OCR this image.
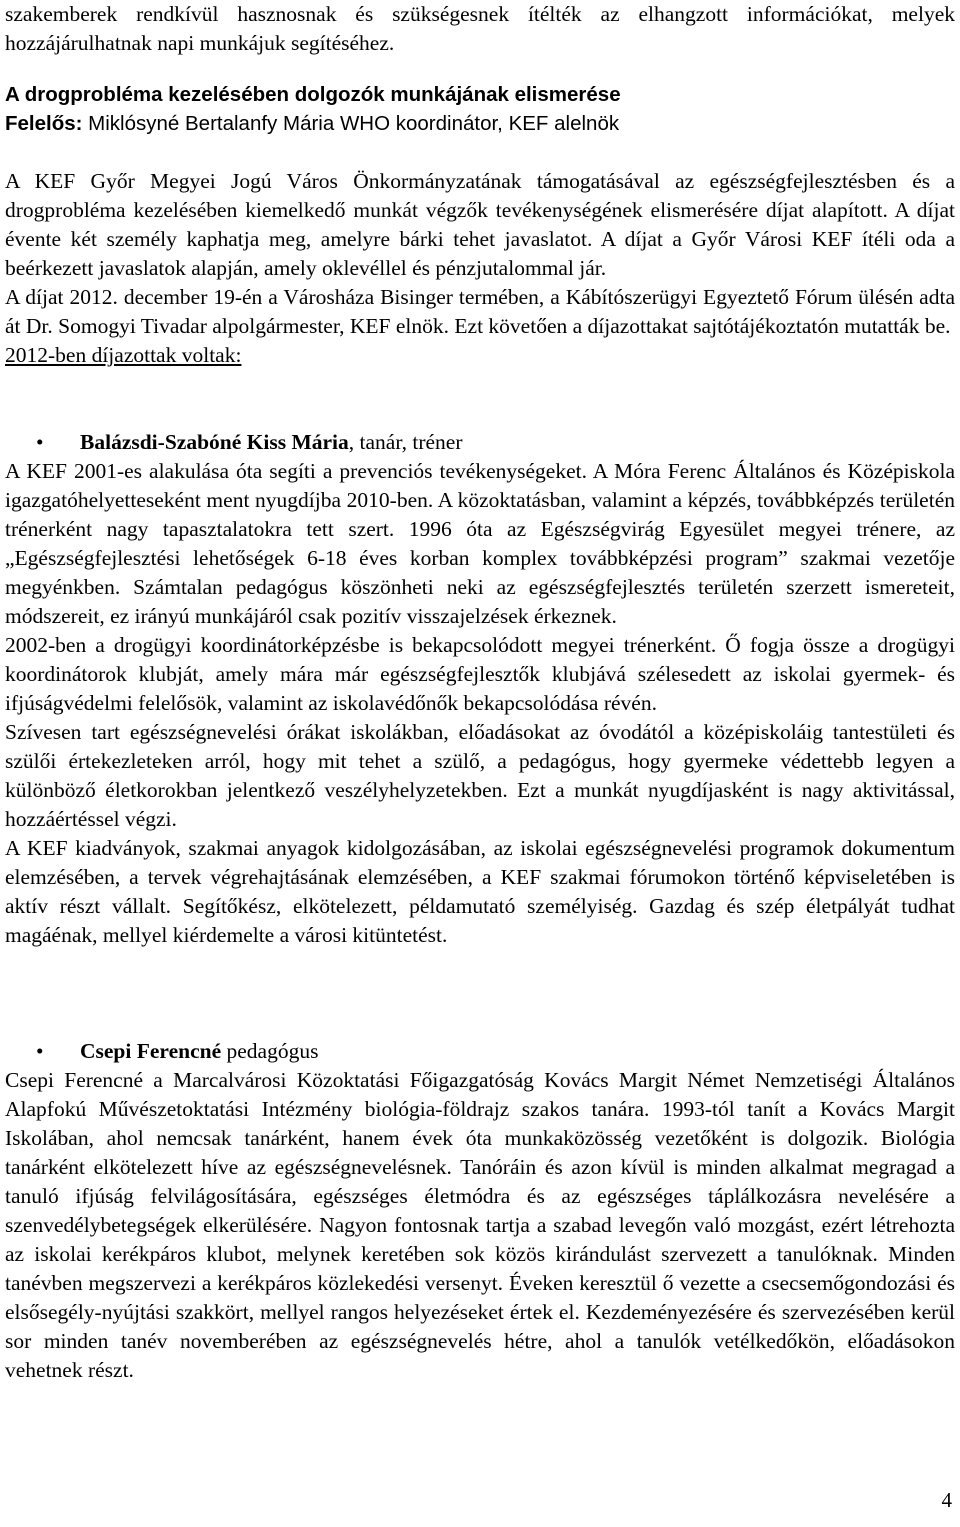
szakemberek rendkívül hasznosnak és szükségesnek ítélték az elhangzott információkat, melyek hozzájárulhatnak napi munkájuk segítéséhez.

A drogprobléma kezelésében dolgozók munkájának elismerése

Felelős: Miklósyné Bertalanfy Mária WHO koordinátor, KEF alelnök

A KEF Győr Megyei Jogú Város Önkormányzatának támogatásával az egészségfejlesztésben és a drogprobléma kezelésében kiemelkedő munkát végzők tevékenységének elismerésére díjat alapított. A díjat évente két személy kaphatja meg, amelyre bárki tehet javaslatot. A díjat a Győr Városi KEF ítéli oda a beérkezett javaslatok alapján, amely oklevéllel és pénzjutalommal jár.

A díjat 2012. december 19-én a Városháza Bisinger termében, a Kábítószerügyi Egyeztető Fórum ülésén adta át Dr. Somogyi Tivadar alpolgármester, KEF elnök. Ezt követően a díjazottakat sajtótájékoztatón mutatták be.

2012-ben díjazottak voltak:

• Balázsdi-Szabóné Kiss Mária, tanár, tréner

A KEF 2001-es alakulása óta segíti a prevenciós tevékenységeket. A Móra Ferenc Általános és Középiskola igazgatóhelyetteseként ment nyugdíjba 2010-ben. A közoktatásban, valamint a képzés, továbbképzés területén trénerként nagy tapasztalatokra tett szert. 1996 óta az Egészségvirág Egyesület megyei trénere, az „Egészségfejlesztési lehetőségek 6-18 éves korban komplex továbbképzési program” szakmai vezetője megyénkben. Számtalan pedagógus köszönheti neki az egészségfejlesztés területén szerzett ismereteit, módszereit, ez irányú munkájáról csak pozitív visszajelzések érkeznek.

2002-ben a drogügyi koordinátorképzésbe is bekapcsolódott megyei trénerként. Ő fogja össze a drogügyi koordinátorok klubját, amely mára már egészségfejlesztők klubjává szélesedett az iskolai gyermek- és ifjúságvédelmi felelősök, valamint az iskolavédőnők bekapcsolódása révén.

Szívesen tart egészségnevelési órákat iskolákban, előadásokat az óvodától a középiskoláig tantestületi és szülői értekezleteken arról, hogy mit tehet a szülő, a pedagógus, hogy gyermeke védettebb legyen a különböző életkorokban jelentkező veszélyhelyzetekben. Ezt a munkát nyugdíjasként is nagy aktivitással, hozzáértéssel végzi.

A KEF kiadványok, szakmai anyagok kidolgozásában, az iskolai egészségnevelési programok dokumentum elemzésében, a tervek végrehajtásának elemzésében, a KEF szakmai fórumokon történő képviseletében is aktív részt vállalt. Segítőkész, elkötelezett, példamutató személyiség. Gazdag és szép életpályát tudhat magáénak, mellyel kiérdemelte a városi kitüntetést.

• Csepi Ferencné pedagógus

Csepi Ferencné a Marcalvárosi Közoktatási Főigazgatóság Kovács Margit Német Nemzetiségi Általános Alapfokú Művészetoktatási Intézmény biológia-földrajz szakos tanára. 1993-tól tanít a Kovács Margit Iskolában, ahol nemcsak tanárként, hanem évek óta munkaközösség vezetőként is dolgozik. Biológia tanárként elkötelezett híve az egészségnevelésnek. Tanóráin és azon kívül is minden alkalmat megragad a tanuló ifjúság felvilágosítására, egészséges életmódra és az egészséges táplálkozásra nevelésére a szenvedélybetegségek elkerülésére. Nagyon fontosnak tartja a szabad levegőn való mozgást, ezért létrehozta az iskolai kerékpáros klubot, melynek keretében sok közös kirándulást szervezett a tanulóknak. Minden tanévben megszervezi a kerékpáros közlekedési versenyt. Éveken keresztül ő vezette a csecsemőgondozási és elsősegély-nyújtási szakkört, mellyel rangos helyezéseket értek el. Kezdeményezésére és szervezésében kerül sor minden tanév novemberében az egészségnevelés hétre, ahol a tanulók vetélkedőkön, előadásokon vehetnek részt.

4
